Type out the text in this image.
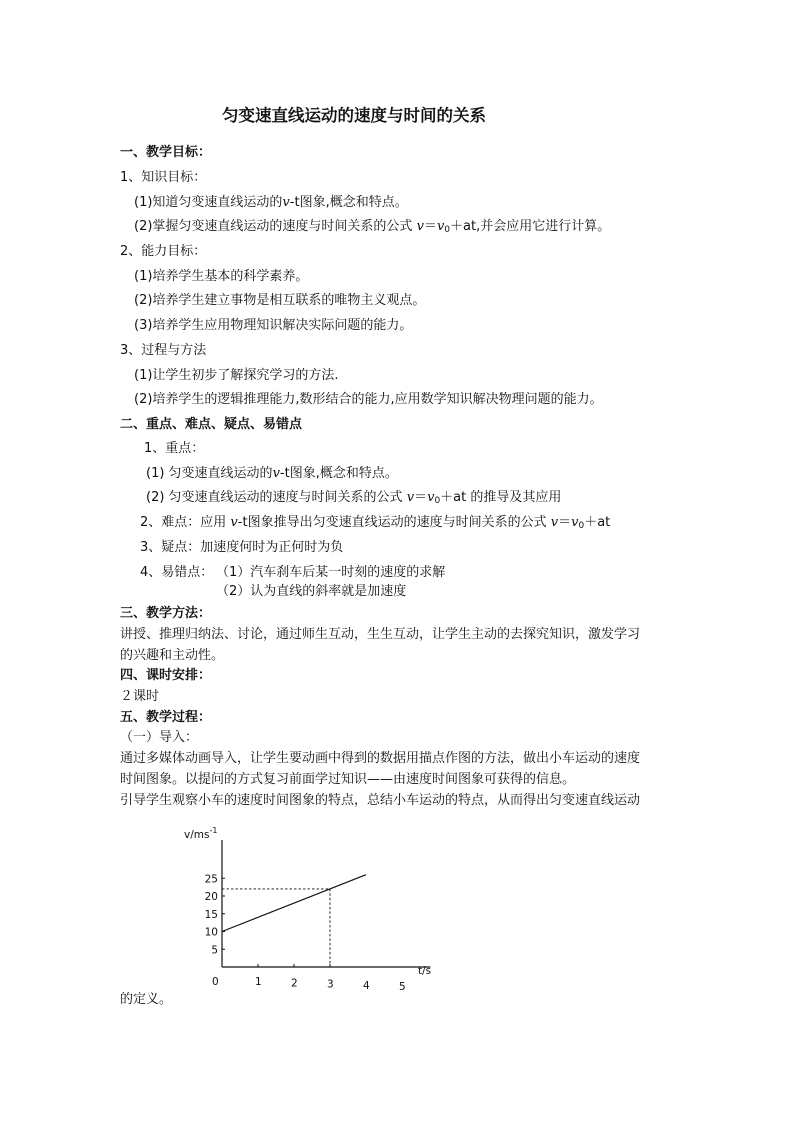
匀变速直线运动的速度与时间的关系
一、教学目标：
1、知识目标：
(1)知道匀变速直线运动的v-t图象,概念和特点。
(2)掌握匀变速直线运动的速度与时间关系的公式 $v=v_0+at$,并会应用它进行计算。
2、能力目标：
(1)培养学生基本的科学素养。
(2)培养学生建立事物是相互联系的唯物主义观点。
(3)培养学生应用物理知识解决实际问题的能力。
3、过程与方法
(1)让学生初步了解探究学习的方法.
(2)培养学生的逻辑推理能力,数形结合的能力,应用数学知识解决物理问题的能力。
二、重点、难点、疑点、易错点
1、重点：
(1) 匀变速直线运动的v-t图象,概念和特点。
(2) 匀变速直线运动的速度与时间关系的公式 $v=v_0+at$ 的推导及其应用
2、难点：应用 v-t图象推导出匀变速直线运动的速度与时间关系的公式 $v=v_0+at$
3、疑点：加速度何时为正何时为负
4、易错点： （1）汽车刹车后某一时刻的速度的求解
（2）认为直线的斜率就是加速度
三、教学方法：
讲授、推理归纳法、讨论，通过师生互动，生生互动，让学生主动的去探究知识，激发学习
的兴趣和主动性。
四、课时安排：
２课时
五、教学过程：
（一）导入：
通过多媒体动画导入，让学生要动画中得到的数据用描点作图的方法，做出小车运动的速度
时间图象。以提问的方式复习前面学过知识——由速度时间图象可获得的信息。
引导学生观察小车的速度时间图象的特点，总结小车运动的特点，从而得出匀变速直线运动
的定义。
$v/ms^{-1}$
t/s
0	1	2	3	4	5
5
10
15
20
25
